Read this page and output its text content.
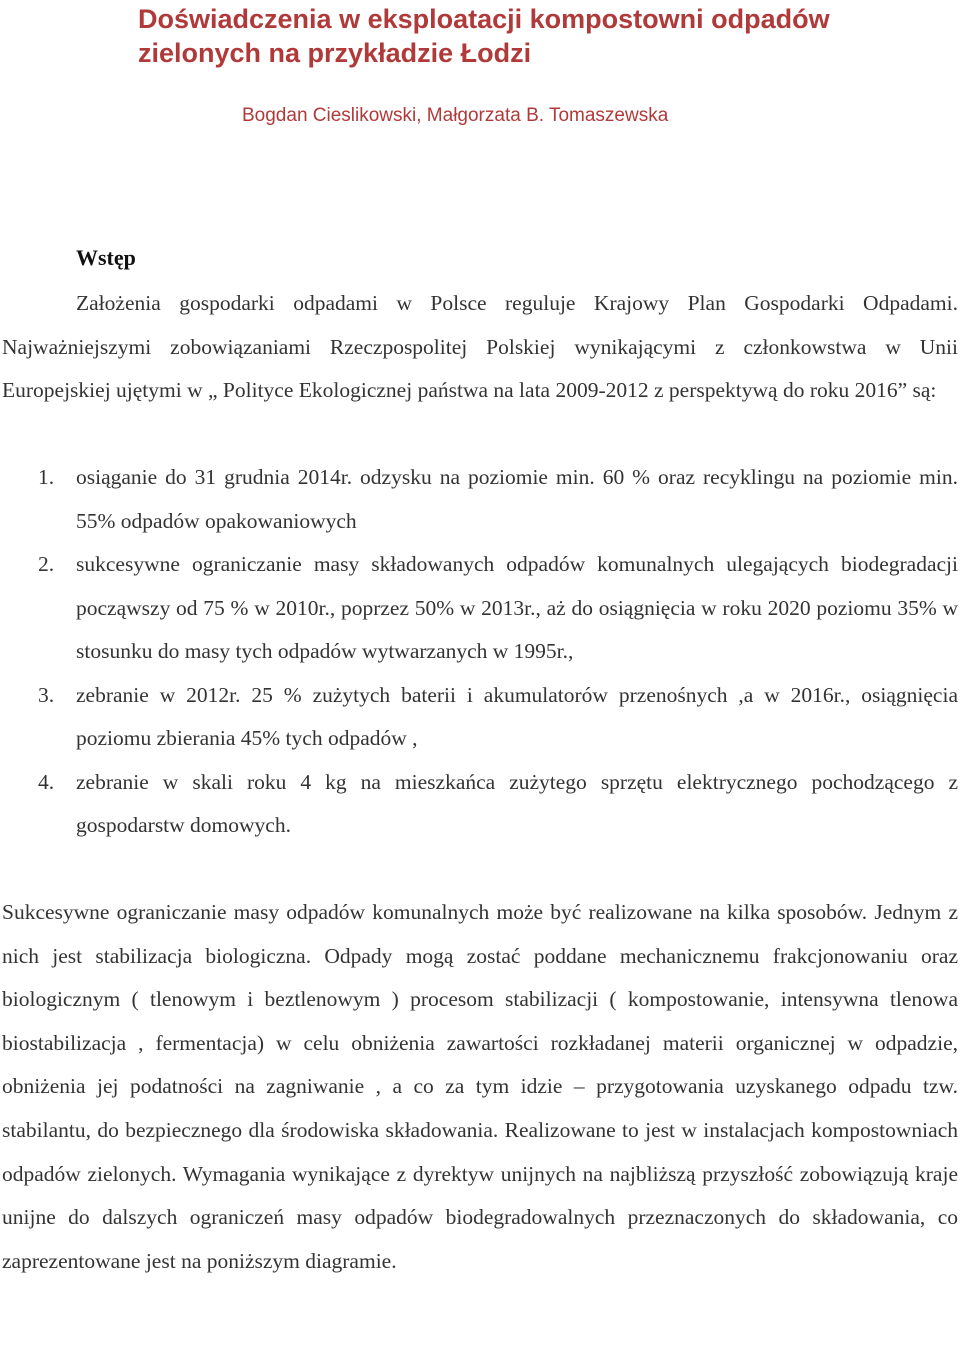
Doświadczenia w eksploatacji kompostowni odpadów
zielonych na przykładzie Łodzi

Bogdan Cieslikowski, Małgorzata B. Tomaszewska

Wstęp

Założenia gospodarki odpadami w Polsce reguluje Krajowy Plan Gospodarki Odpadami. Najważniejszymi zobowiązaniami Rzeczpospolitej Polskiej wynikającymi z członkowstwa w Unii Europejskiej ujętymi w „ Polityce Ekologicznej państwa na lata 2009-2012 z perspektywą do roku 2016” są:

1. osiąganie do 31 grudnia 2014r. odzysku na poziomie min. 60 % oraz recyklingu na poziomie min. 55% odpadów opakowaniowych
2. sukcesywne ograniczanie masy składowanych odpadów komunalnych ulegających biodegradacji począwszy od 75 % w 2010r., poprzez 50% w 2013r., aż do osiągnięcia w roku 2020 poziomu 35% w stosunku do masy tych odpadów wytwarzanych w 1995r.,
3. zebranie w 2012r. 25 % zużytych baterii i akumulatorów przenośnych ,a w 2016r., osiągnięcia poziomu zbierania 45% tych odpadów ,
4. zebranie w skali roku 4 kg na mieszkańca zużytego sprzętu elektrycznego pochodzącego z gospodarstw domowych.

Sukcesywne ograniczanie masy odpadów komunalnych może być realizowane na kilka sposobów. Jednym z nich jest stabilizacja biologiczna. Odpady mogą zostać poddane mechanicznemu frakcjonowaniu oraz biologicznym ( tlenowym i beztlenowym ) procesom stabilizacji ( kompostowanie, intensywna tlenowa biostabilizacja , fermentacja) w celu obniżenia zawartości rozkładanej materii organicznej w odpadzie, obniżenia jej podatności na zagniwanie , a co za tym idzie – przygotowania uzyskanego odpadu tzw. stabilantu, do bezpiecznego dla środowiska składowania. Realizowane to jest w instalacjach kompostowniach odpadów zielonych. Wymagania wynikające z dyrektyw unijnych na najbliższą przyszłość zobowiązują kraje unijne do dalszych ograniczeń masy odpadów biodegradowalnych przeznaczonych do składowania, co zaprezentowane jest na poniższym diagramie.
